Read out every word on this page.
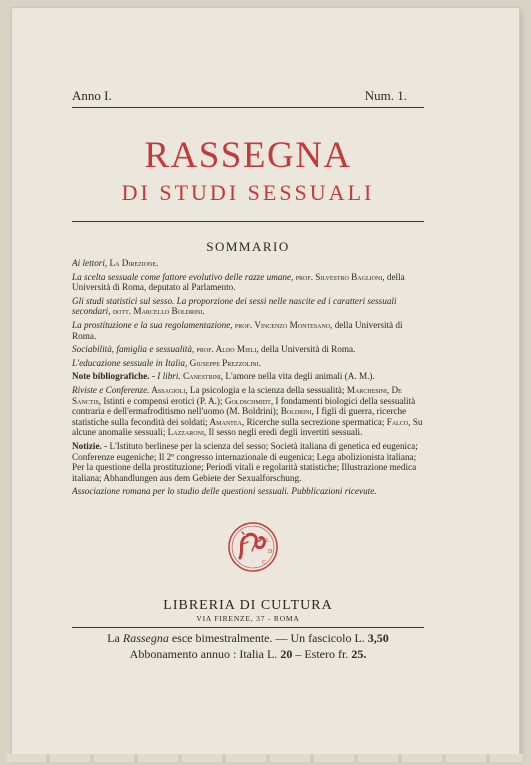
Anno I.	Num. 1.
RASSEGNA
DI STUDI SESSUALI
SOMMARIO

Ai lettori, La Direzione.

La scelta sessuale come fattore evolutivo delle razze umane, prof. Silvestro Baglioni, della Università di Roma, deputato al Parlamento.

Gli studi statistici sul sesso. La proporzione dei sessi nelle nascite ed i caratteri sessuali secondari, dott. Marcello Boldrini.

La prostituzione e la sua regolamentazione, prof. Vincenzo Montesano, della Università di Roma.

Sociabilità, famiglia e sessualità, prof. Aldo Mieli, della Università di Roma.

L'educazione sessuale in Italia, Giuseppe Prezzolini.

Note bibliografiche. - I libri. Canestrini, L'amore nella vita degli animali (A. M.).

Riviste e Conferenze. Assagioli, La psicologia e la scienza della sessualità; Marchesini, De Sanctis, Istinti e compensi erotici (P. A.); Goldschmidt, I fondamenti biologici della sessualità contraria e dell'ermafroditismo nell'uomo (M. Boldrini); Boldrini, I figli di guerra, ricerche statistiche sulla fecondità dei soldati; Amantea, Ricerche sulla secrezione spermatica; Falco, Su alcune anomalie sessuali; Lazzaroni, Il sesso negli eredi degli invertiti sessuali.

Notizie. - L'Istituto berlinese per la scienza del sesso; Società italiana di genetica ed eugenica; Conferenze eugeniche; Il 2º congresso internazionale di eugenica; Lega abolizionista italiana; Per la questione della prostituzione; Periodi vitali e regolarità statistiche; Illustrazione medica italiana; Abhandlungen aus dem Gebiete der Sexualforschung.

Associazione romana per lo studio delle questioni sessuali. Pubblicazioni ricevute.

L
D
C
LIBRERIA DI CULTURA
VIA FIRENZE, 37 - ROMA
La Rassegna esce bimestralmente. — Un fascicolo L. 3,50
Abbonamento annuo : Italia L. 20 – Estero fr. 25.
